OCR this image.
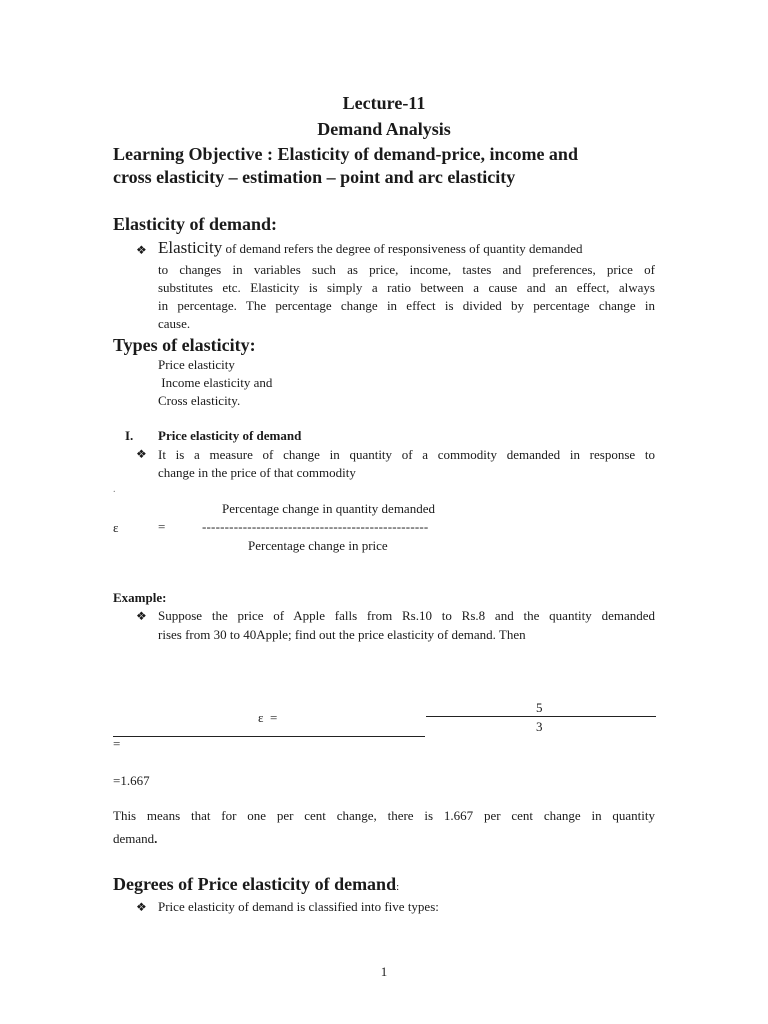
Lecture-11
Demand Analysis
Learning Objective : Elasticity of demand-price, income and
cross elasticity – estimation – point and arc elasticity
Elasticity of demand:
❖ Elasticity of demand refers the degree of responsiveness of quantity demanded
to changes in variables such as price, income, tastes and preferences, price of
substitutes etc. Elasticity is simply a ratio between a cause and an effect, always
in percentage. The percentage change in effect is divided by percentage change in
cause.
Types of elasticity:
Price elasticity
Income elasticity and
Cross elasticity.
I. Price elasticity of demand
❖ It is a measure of change in quantity of a commodity demanded in response to
change in the price of that commodity
.
Percentage change in quantity demanded
ε	=	--------------------------------------------------
Percentage change in price
Example:
❖ Suppose the price of Apple falls from Rs.10 to Rs.8 and the quantity demanded
rises from 30 to 40Apple; find out the price elasticity of demand. Then
ε  =
5
3
=
=1.667
This means that for one per cent change, there is 1.667 per cent change in quantity
demand.
Degrees of Price elasticity of demand:
❖ Price elasticity of demand is classified into five types:
1
